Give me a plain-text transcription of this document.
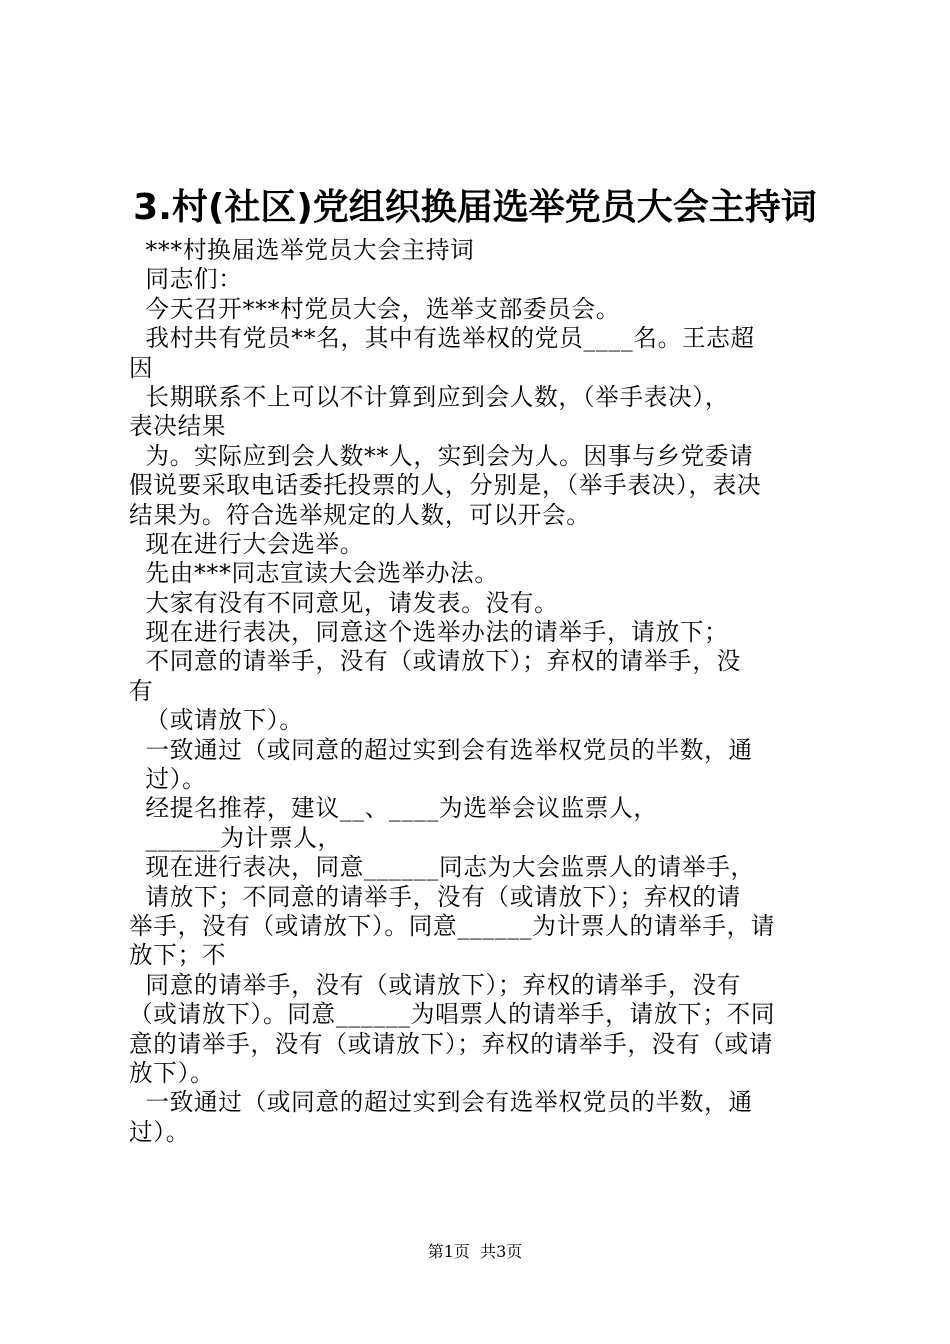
3.村(社区)党组织换届选举党员大会主持词
***村换届选举党员大会主持词
同志们：
今天召开***村党员大会，选举支部委员会。
我村共有党员**名，其中有选举权的党员____名。王志超
因
长期联系不上可以不计算到应到会人数，（举手表决），
表决结果
为。实际应到会人数**人，实到会为人。因事与乡党委请
假说要采取电话委托投票的人，分别是，（举手表决），表决
结果为。符合选举规定的人数，可以开会。
现在进行大会选举。
先由***同志宣读大会选举办法。
大家有没有不同意见，请发表。没有。
现在进行表决，同意这个选举办法的请举手，请放下；
不同意的请举手，没有（或请放下）；弃权的请举手，没
有
（或请放下）。
一致通过（或同意的超过实到会有选举权党员的半数，通
过）。
经提名推荐，建议__、____为选举会议监票人，
______为计票人，
现在进行表决，同意______同志为大会监票人的请举手，
请放下；不同意的请举手，没有（或请放下）；弃权的请
举手，没有（或请放下）。同意______为计票人的请举手，请
放下；不
同意的请举手，没有（或请放下）；弃权的请举手，没有
（或请放下）。同意______为唱票人的请举手，请放下；不同
意的请举手，没有（或请放下）；弃权的请举手，没有（或请
放下）。
一致通过（或同意的超过实到会有选举权党员的半数，通
过）。
第1页  共3页
